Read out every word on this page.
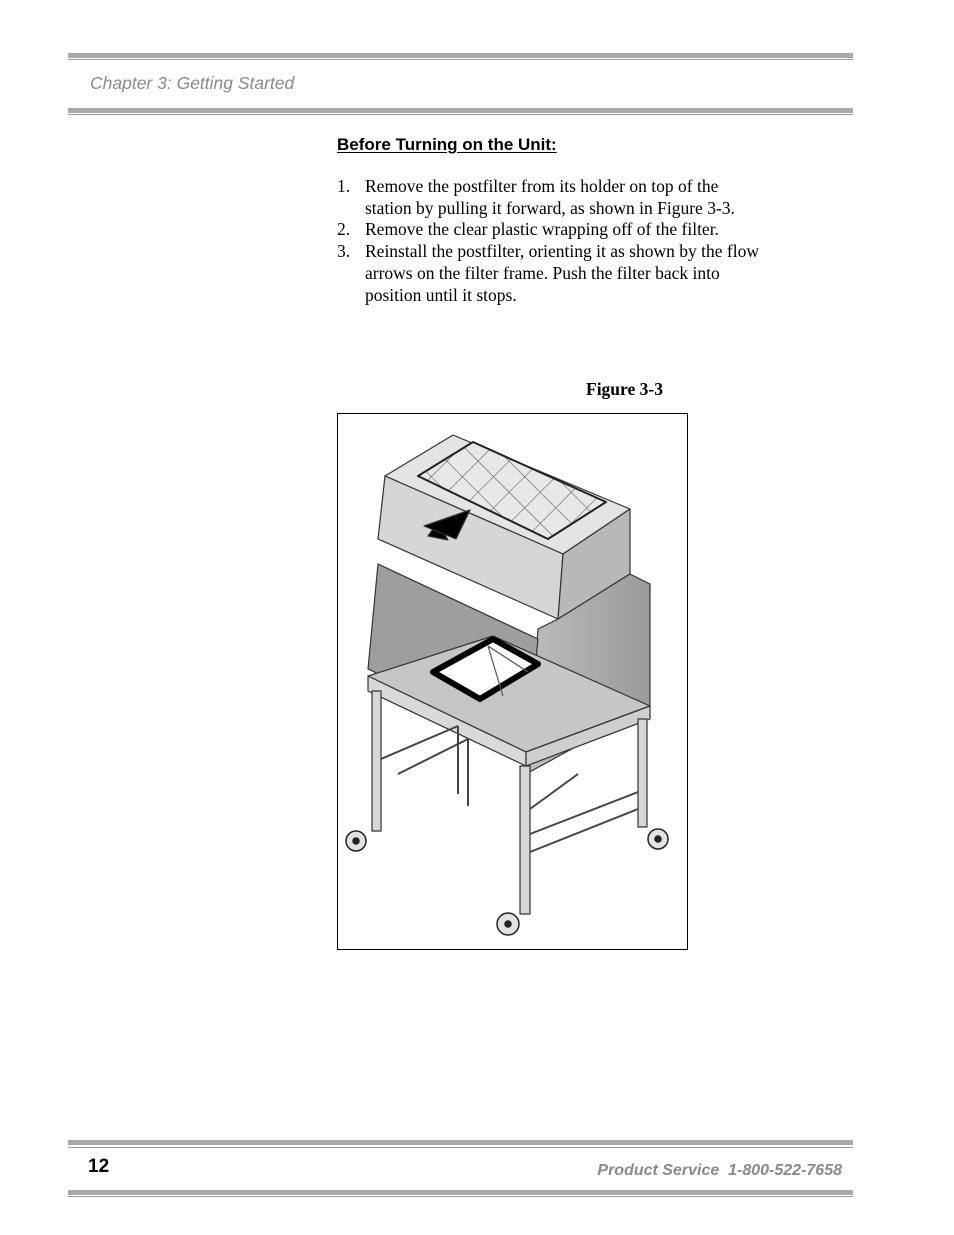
Chapter 3: Getting Started
Before Turning on the Unit:
1. Remove the postfilter from its holder on top of the station by pulling it forward, as shown in Figure 3-3.
2. Remove the clear plastic wrapping off of the filter.
3. Reinstall the postfilter, orienting it as shown by the flow arrows on the filter frame. Push the filter back into position until it stops.
Figure 3-3
12	Product Service  1-800-522-7658
